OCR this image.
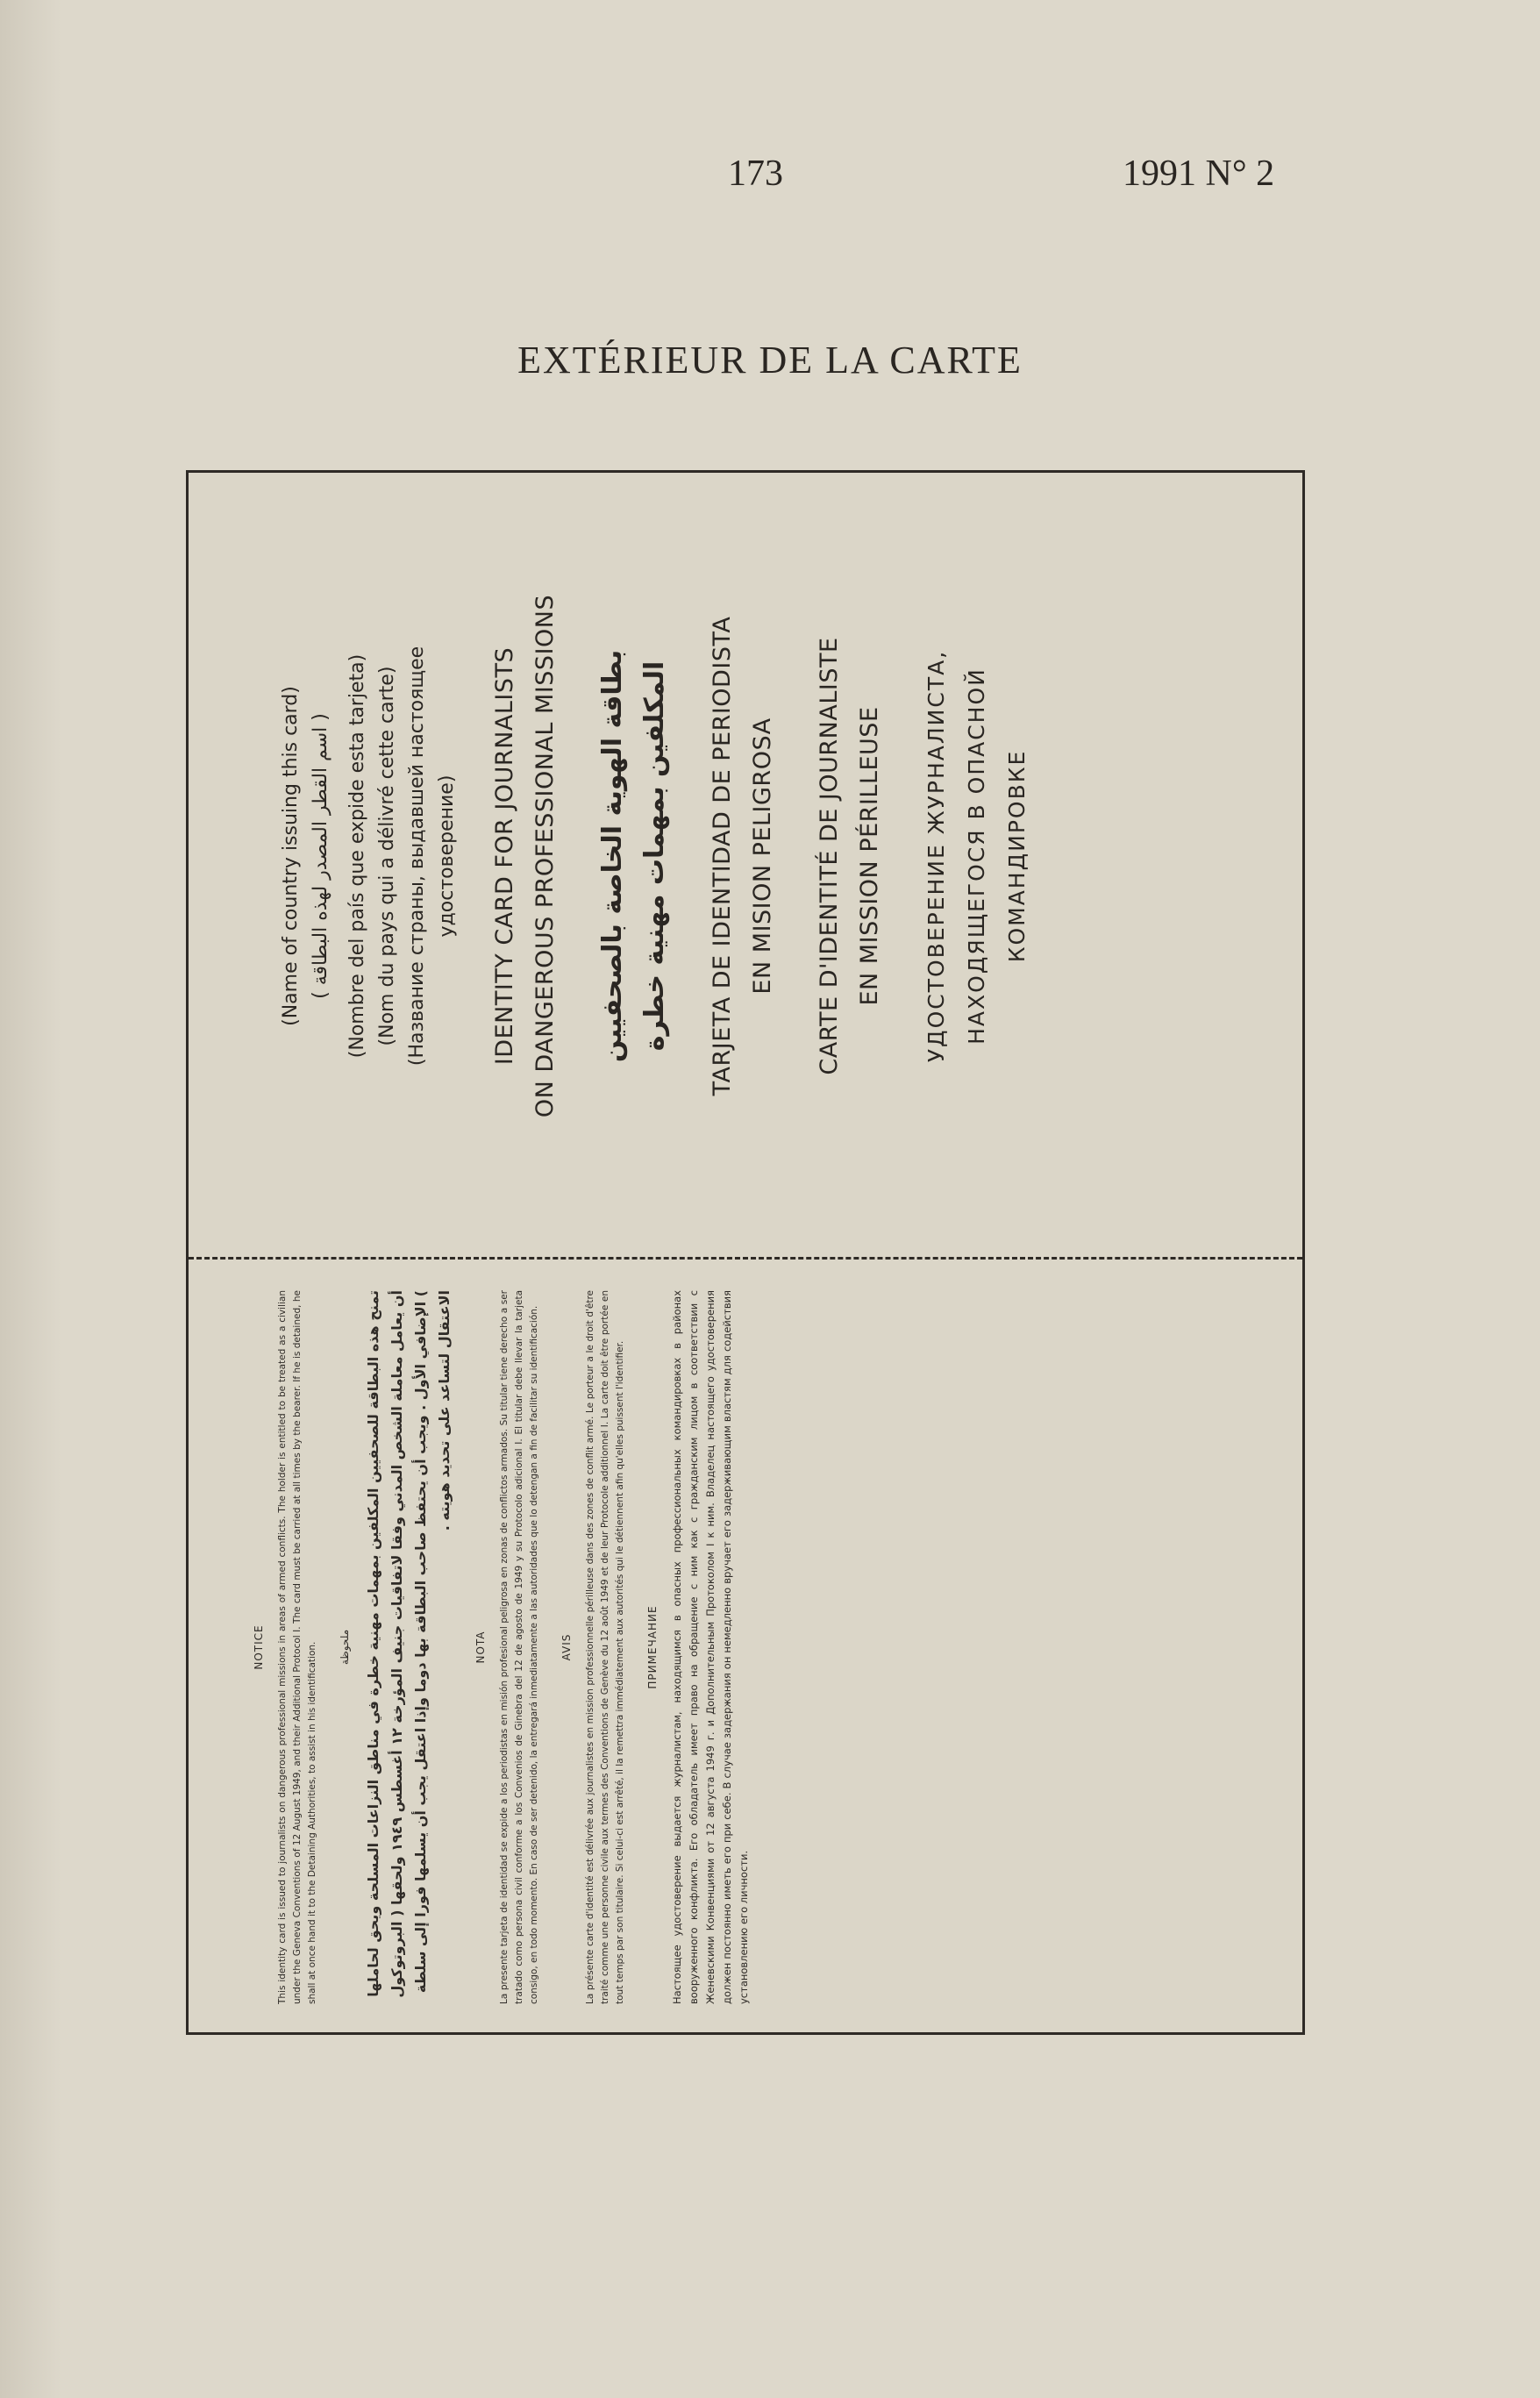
173	1991 N° 2
EXTÉRIEUR DE LA CARTE

(Name of country issuing this card) ( اسم القطر المصدر لهذه البطاقة ) (Nombre del país que expide esta tarjeta) (Nom du pays qui a délivré cette carte) (Название страны, выдавшей настоящее удостоверение) IDENTITY CARD FOR JOURNALISTS ON DANGEROUS PROFESSIONAL MISSIONS بطاقة الهوية الخاصة بالصحفيين المكلفين بمهمات مهنية خطرة TARJETA DE IDENTIDAD DE PERIODISTA EN MISION PELIGROSA CARTE D'IDENTITÉ DE JOURNALISTE EN MISSION PÉRILLEUSE	УДОСТОВЕРЕНИЕ ЖУРНАЛИСТА, НАХОДЯЩЕГОСЯ В ОПАСНОЙ КОМАНДИРОВКЕ

NOTICE This identity card is issued to journalists on dangerous professional missions in areas of armed conflicts. The holder is entitled to be treated as a civilian under the Geneva Conventions of 12 August 1949, and their Additional Protocol I. The card must be carried at all times by the bearer. If he is detained, he shall at once hand it to the Detaining Authorities, to assist in his identification. ملحوظة تمنح هذه البطاقة للصحفيين المكلفين بمهمات مهنية خطرة في مناطق النزاعات المسلحة ويحق لحاملها أن يعامل معاملة الشخص المدني وفقا لاتفاقيات جنيف المؤرخة ١٢ أغسطس ١٩٤٩ ولحقها ( البروتوكول ) الإضافي الأول . ويجب أن يحتفظ صاحب البطاقة بها دوما وإذا اعتقل يجب أن يسلمها فورا إلى سلطة الاعتقال لتساعد على تحديد هويته .

NOTA La presente tarjeta de identidad se expide a los periodistas en misión profesional peligrosa en zonas de conflictos armados. Su titular tiene derecho a ser tratado como persona civil conforme a los Convenios de Ginebra del 12 de agosto de 1949 y su Protocolo adicional I. El titular debe llevar la tarjeta consigo, en todo momento. En caso de ser detenido, la entregará inmediatamente a las autoridades que lo detengan a fin de facilitar su identificación. AVIS La présente carte d'identité est délivrée aux journalistes en mission professionnelle périlleuse dans des zones de conflit armé. Le porteur a le droit d'être traité comme une personne civile aux termes des Conventions de Genève du 12 août 1949 et de leur Protocole additionnel I. La carte doit être portée en tout temps par son titulaire. Si celui-ci est arrêté, il la remettra immédiatement aux autorités qui le détiennent afin qu'elles puissent l'identifier. ПРИМЕЧАНИЕ Настоящее удостоверение выдается журналистам, находящимся в опасных профессиональных командировках в районах вооруженного конфликта. Его обладатель имеет право на обращение с ним как с гражданским лицом в соответствии с Женевскими Конвенциями от 12 августа 1949 г. и Дополнительным Протоколом I к ним. Владелец настоящего удостоверения должен постоянно иметь его при себе. В случае задержания он немедленно вручает его задерживающим властям для содействия установлению его личности.
